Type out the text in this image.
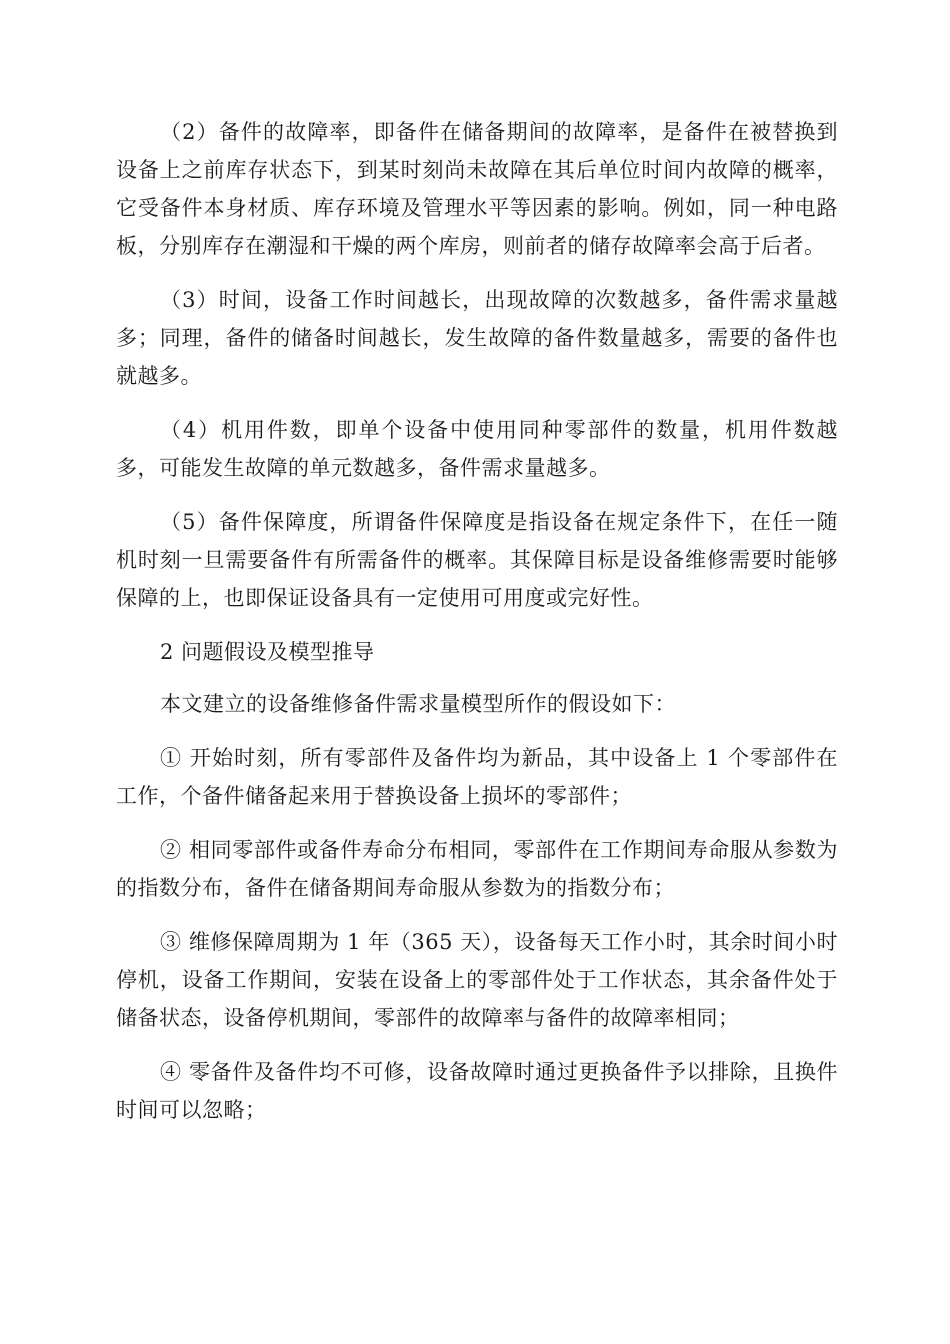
（2）备件的故障率，即备件在储备期间的故障率，是备件在被替换到设备上之前库存状态下，到某时刻尚未故障在其后单位时间内故障的概率，它受备件本身材质、库存环境及管理水平等因素的影响。例如，同一种电路板，分别库存在潮湿和干燥的两个库房，则前者的储存故障率会高于后者。

（3）时间，设备工作时间越长，出现故障的次数越多，备件需求量越多；同理，备件的储备时间越长，发生故障的备件数量越多，需要的备件也就越多。

（4）机用件数，即单个设备中使用同种零部件的数量，机用件数越多，可能发生故障的单元数越多，备件需求量越多。

（5）备件保障度，所谓备件保障度是指设备在规定条件下，在任一随机时刻一旦需要备件有所需备件的概率。其保障目标是设备维修需要时能够保障的上，也即保证设备具有一定使用可用度或完好性。

2 问题假设及模型推导

本文建立的设备维修备件需求量模型所作的假设如下：

① 开始时刻，所有零部件及备件均为新品，其中设备上 1 个零部件在工作，个备件储备起来用于替换设备上损坏的零部件；

② 相同零部件或备件寿命分布相同，零部件在工作期间寿命服从参数为的指数分布，备件在储备期间寿命服从参数为的指数分布；

③ 维修保障周期为 1 年（365 天），设备每天工作小时，其余时间小时停机，设备工作期间，安装在设备上的零部件处于工作状态，其余备件处于储备状态，设备停机期间，零部件的故障率与备件的故障率相同；

④ 零备件及备件均不可修，设备故障时通过更换备件予以排除，且换件时间可以忽略；
